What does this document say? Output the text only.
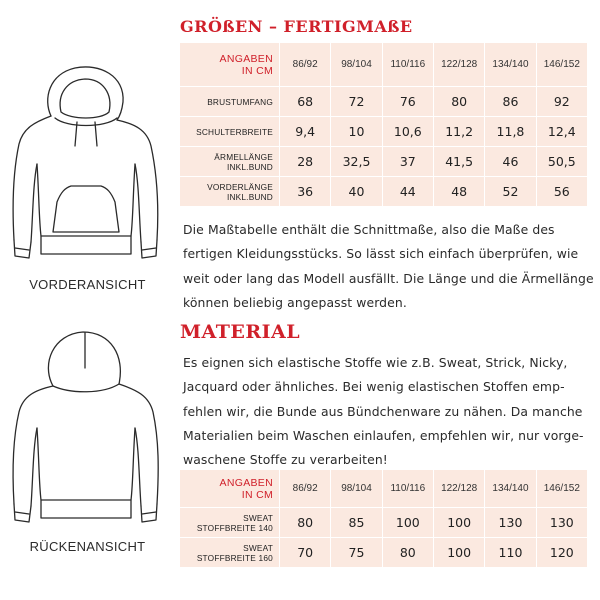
VORDERANSICHT
RÜCKENANSICHT
GRÖßEN – FERTIGMAßE
ANGABEN
IN CM	86/92	98/104	110/116	122/128	134/140	146/152
BRUSTUMFANG	68	72	76	80	86	92
SCHULTERBREITE	9,4	10	10,6	11,2	11,8	12,4

ÄRMELLÄNGE
INKL.BUND	28	32,5	37	41,5	46	50,5

VORDERLÄNGE
INKL.BUND	36	40	44	48	52	56

Die Maßtabelle enthält die Schnittmaße, also die Maße des
fertigen Kleidungsstücks. So lässt sich einfach überprüfen, wie
weit oder lang das Modell ausfällt. Die Länge und die Ärmellänge
können beliebig angepasst werden.

MATERIAL

Es eignen sich elastische Stoffe wie z.B. Sweat, Strick, Nicky,
Jacquard oder ähnliches. Bei wenig elastischen Stoffen emp-
fehlen wir, die Bunde aus Bündchenware zu nähen. Da manche
Materialien beim Waschen einlaufen, empfehlen wir, nur vorge-
waschene Stoffe zu verarbeiten!

ANGABEN
IN CM	86/92	98/104	110/116	122/128	134/140	146/152

SWEAT
STOFFBREITE 140	80	85	100	100	130	130

SWEAT
STOFFBREITE 160	70	75	80	100	110	120
